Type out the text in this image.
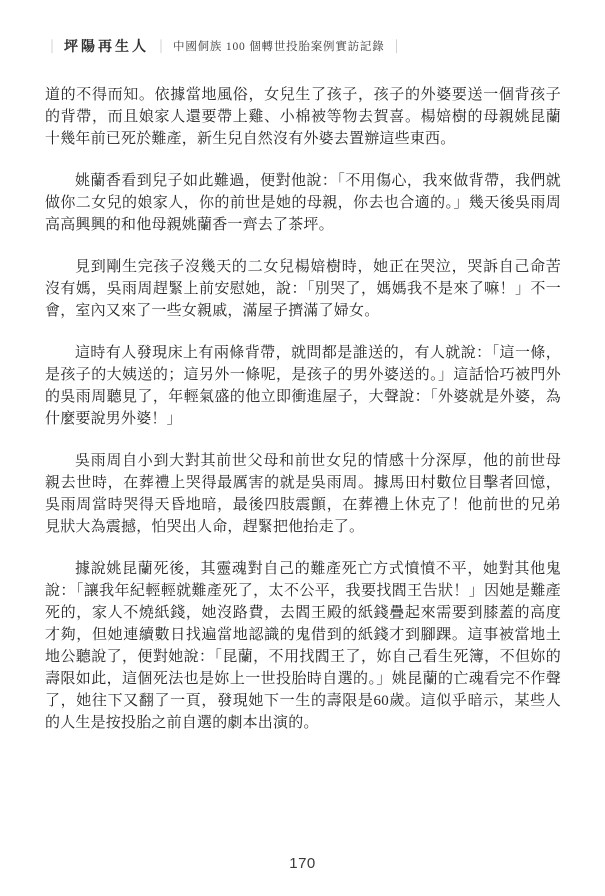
｜ 坪陽再生人 ｜ 中國侗族 100 個轉世投胎案例實訪記錄 ｜

道的不得而知。依據當地風俗，女兒生了孩子，孩子的外婆要送一個背孩子的背帶，而且娘家人還要帶上雞、小棉被等物去賀喜。楊婄樹的母親姚昆蘭十幾年前已死於難產，新生兒自然沒有外婆去置辦這些東西。

姚蘭香看到兒子如此難過，便對他說：「不用傷心，我來做背帶，我們就做你二女兒的娘家人，你的前世是她的母親，你去也合適的。」幾天後吳雨周高高興興的和他母親姚蘭香一齊去了茶坪。

見到剛生完孩子沒幾天的二女兒楊婄樹時，她正在哭泣，哭訴自己命苦沒有媽，吳雨周趕緊上前安慰她，說：「別哭了，媽媽我不是來了嘛！」不一會，室內又來了一些女親戚，滿屋子擠滿了婦女。

這時有人發現床上有兩條背帶，就問都是誰送的，有人就說：「這一條，是孩子的大姨送的；這另外一條呢，是孩子的男外婆送的。」這話恰巧被門外的吳雨周聽見了，年輕氣盛的他立即衝進屋子，大聲說：「外婆就是外婆，為什麼要說男外婆！」

吳雨周自小到大對其前世父母和前世女兒的情感十分深厚，他的前世母親去世時，在葬禮上哭得最厲害的就是吳雨周。據馬田村數位目擊者回憶，吳雨周當時哭得天昏地暗，最後四肢震顫，在葬禮上休克了！他前世的兄弟見狀大為震撼，怕哭出人命，趕緊把他抬走了。

據說姚昆蘭死後，其靈魂對自己的難產死亡方式憤憤不平，她對其他鬼說：「讓我年紀輕輕就難產死了，太不公平，我要找閻王告狀！」因她是難產死的，家人不燒紙錢，她沒路費，去閻王殿的紙錢疊起來需要到膝蓋的高度才夠，但她連續數日找遍當地認識的鬼借到的紙錢才到腳踝。這事被當地土地公聽說了，便對她說：「昆蘭，不用找閻王了，妳自己看生死簿，不但妳的壽限如此，這個死法也是妳上一世投胎時自選的。」姚昆蘭的亡魂看完不作聲了，她往下又翻了一頁，發現她下一生的壽限是60歲。這似乎暗示，某些人的人生是按投胎之前自選的劇本出演的。

170
